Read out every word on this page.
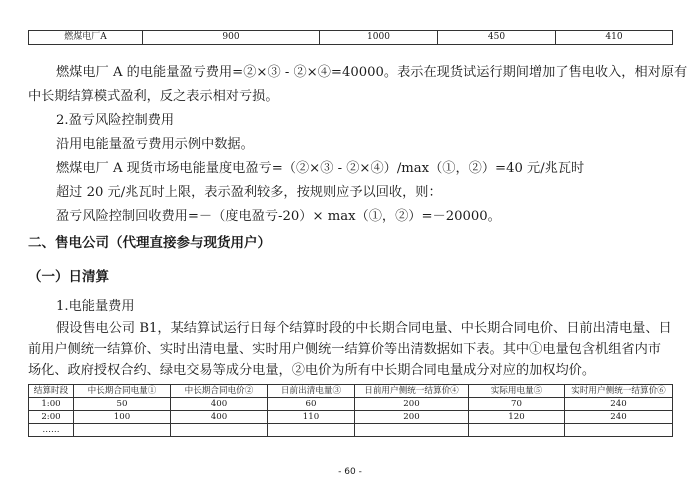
燃煤电厂A	900	1000	450	410

燃煤电厂 A 的电能量盈亏费用=②×③ - ②×④=40000。表示在现货试运行期间增加了售电收入，相对原有

中长期结算模式盈利，反之表示相对亏损。

2.盈亏风险控制费用

沿用电能量盈亏费用示例中数据。

燃煤电厂 A 现货市场电能量度电盈亏=（②×③ - ②×④）/max（①，②）=40 元/兆瓦时

超过 20 元/兆瓦时上限，表示盈利较多，按规则应予以回收，则：

盈亏风险控制回收费用=－（度电盈亏-20）× max（①，②）=－20000。

二、售电公司（代理直接参与现货用户）

（一）日清算

1.电能量费用

假设售电公司 B1，某结算试运行日每个结算时段的中长期合同电量、中长期合同电价、日前出清电量、日前用户侧统一结算价、实时出清电量、实时用户侧统一结算价等出清数据如下表。其中①电量包含机组省内市场化、政府授权合约、绿电交易等成分电量，②电价为所有中长期合同电量成分对应的加权均价。

结算时段	中长期合同电量①	中长期合同电价②	日前出清电量③	日前用户侧统一结算价④	实际用电量⑤	实时用户侧统一结算价⑥
1:00	50	400	60	200	70	240
2:00	100	400	110	200	120	240
……						
- 60 -
